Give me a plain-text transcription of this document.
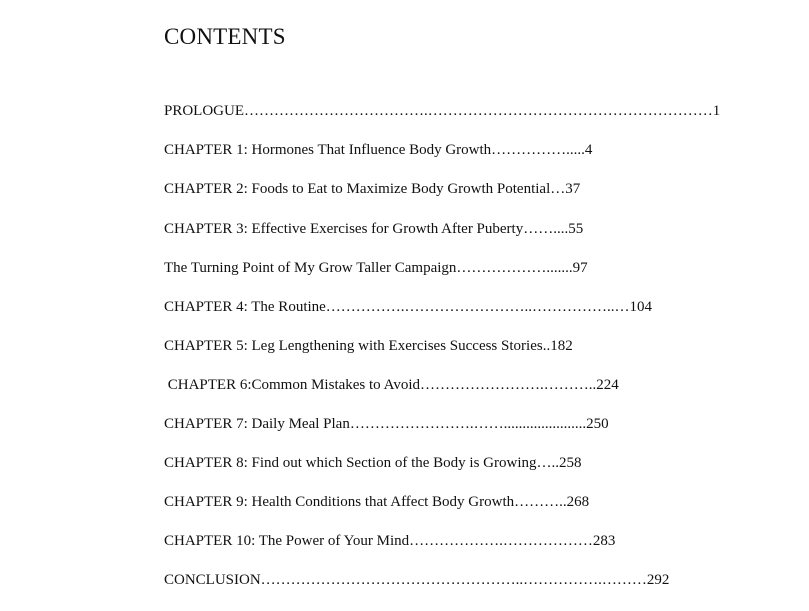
CONTENTS
PROLOGUE……………………………….…………………………………………………1
CHAPTER 1: Hormones That Influence Body Growth…………….....4
CHAPTER 2: Foods to Eat to Maximize Body Growth Potential…37
CHAPTER 3: Effective Exercises for Growth After Puberty……....55
The Turning Point of My Grow Taller Campaign……………….......97
CHAPTER 4: The Routine…………….……………………..……………..…104
CHAPTER 5: Leg Lengthening with Exercises Success Stories..182
CHAPTER 6:Common Mistakes to Avoid…………………….………..224
CHAPTER 7: Daily Meal Plan…………………….……......................250
CHAPTER 8: Find out which Section of the Body is Growing…..258
CHAPTER 9: Health Conditions that Affect Body Growth………..268
CHAPTER 10: The Power of Your Mind……………….………………283
CONCLUSION……………………………………………..…………….………292
